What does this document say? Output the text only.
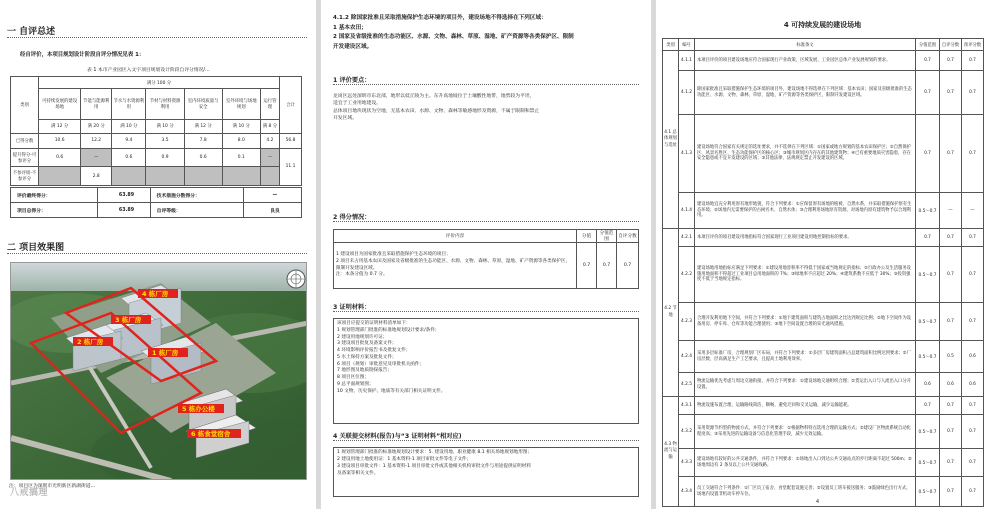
一 自评总述
经自评价，本项目规划设计阶段自评分情况见表 1：
表 1 本市产业园区入文字项目规划设计阶段自评分情况/...
类别	满分 100 分							合计
	可持续发展的建设场地	节能与能源利用	节水与水资源利用	节材与材料资源利用	室内环境质量与安全	室外环境与场地规划	运行管理	
	满 12 分	满 20 分	满 10 分	满 10 分	满 12 分	满 10 分	满 8 分	
已得分数	10.6	12.2	9.4	3.5	7.8	8.0	4.2	56.8
提升得分-可参评分	0.6	—	0.6	0.9	0.6	0.1	—	11.1
不参评项-不参评分		2.8						
评价最终得分：	63.89	技术措施分数得分：	—
项目总得分：	63.89	自评等级：	良良
二 项目效果图
4 栋厂房
3 栋厂房
2 栋厂房
1 栋厂房
5 栋办公楼
6 栋食堂宿舍
注：项目区为深圳市光明新区新湖街道...
八戒搞理
4.1.2 除国家批准且采取措施保护生态环境的项目外，建设场地不得选择在下列区域：
1 基本农田；
2 国家及省级批准的生态功能区、水源、文物、森林、草原、湿地、矿产资源等各类保护区、限制
开发建设区域。
1 评价要点：
龙岗区远处深圳市东北部，地形以低丘陵为主。东升高地坡位于土壤酸性地带，地势较为平坦，
适宜于工业用地建设。
总体项目地块现状为空地，无基本农田、水源、文物、森林等敏感地形及资源，不属于限制和禁止
开发区域。
2 得分情况：
评价内容	分值	分值范围	自评分数

1 建设项目为国家批准且采取措施保护生态环境的项目；
2 项目未占用基本农田及国家及省级批准的生态功能区、水源、文物、森林、草原、湿地、矿产资源等各类保护区，限制开发建设区域。
注：本条分值为 0.7 分。	0.7	0.7	0.7
3 证明材料：
该项目应提交的证明材料清单如下：
1 规划管理部门批准的标准地规划设计要求/条件；
2 建设用地规划许可证；
3 建设项目批复及备案文件；
4 环境影响评价报告书及批复文件；
5 水土保持方案及批复文件；
6 项目（规划）审批意见及审批机关函件；
7 地形图及地质勘探报告；
8 项目区位图；
9 总平面规划图；
10 文物、历史保护、地质等有关部门相关证明文件。
4 关联提交材料(报告)与“3 证明材料”相对应)
1 规划管理部门批准的标准地规划设计要求：5. 建设用地、职业健康 8.1 相关场地规划地形图；
2 建设用地土地使用证：1 基本资料-1 项目审批文件等电子文件；
3 建设项目审批文件：1 基本资料-1 项目审批文件或其他相关机构审批文件与用途提供证明材料
及备案等相关文件。
4 可持续发展的建设场地
类别	编号	标准条文	分值范围	自评分数	预评分数
4.1 总体规划与选址	4.1.1	本项目评价的项目建设场地应符合国家现行产业政策，区域发展、工业园区总体产业发展规划的要求。	0.7	0.7	0.7
	4.1.2	除国家批准且采取措施保护生态环境的项目外，建设场地不得选择在下列区域：基本农田；国家及省级批准的生态功能区、水源、文物、森林、草原、湿地、矿产资源等各类保护区，限制开发建设区域。	0.7	0.7	0.7
	4.1.3	建设场地符合国家有关规定的选址要求，并不选择在下列区域：①国家或地方规划的基本农田保护区；②自然保护区、风景名胜区、生态功能保护区的核心区；③城市规划区内存在的其他建筑物；④已有重要地质灾害隐患，存在安全隐患或不宜开发建设的区域；⑤其他法律、法规规定禁止开发建设的区域。	0.7	0.7	0.7
	4.1.4	建设场地宜充分利用原有地形地貌，符合下列要求：①应保留原有场地的植被、自然水系，并采取措施保护原有生态环境；②场地内无需要保护的古树名木、自然水体；③合理利用场地原有资源，对场地内原有建筑物予以合理利用。	0.5～0.7	—	—
4.2 节地	4.2.1	本项目评价的项目建设用地指标符合国家现行工业项目建设用地控制指标的要求。	0.7	0.7	0.7
	4.2.2	建设场地用地指标应满足下列要求：①建设用地容积率不得低于国家或当地规定的指标；②行政办公及生活服务设施用地面积不得超过工业项目总用地面积的 7%；③绿地率不应超过 20%；④建筑系数不应低于 30%；⑤投资强度不低于当地规定指标。	0.5～0.7	0.7	0.7
	4.2.3	合理开发利用地下空间，并符合下列要求：①地下建筑面积与建筑占地面积之比达到规定比例；②地下空间作为设备用房、停车库、仓库等功能合理使用；③地下空间设置合理的采光通风措施。	0.5～0.7	0.7	0.7
	4.2.4	采用多层标准厂房，合理规划厂区布局，并符合下列要求：①多层厂房建筑面积占总建筑面积比例达到要求；②厂房层数、层高满足生产工艺要求，且提高土地利用效率。	0.5～0.7	0.5	0.6
	4.2.5	物流运输优先考虑与周边交通衔接，并符合下列要求：①建设场地交通组织合理；②货运出入口与人流出入口分开设置。	0.6	0.6	0.6
4.3 物流与运输	4.3.1	物流设施布置合理，运输路线简洁、顺畅，避免迂回和交叉运输，减少运输能耗。	0.7	0.7	0.7
	4.3.2	采用资源节约型的物流方式，并符合下列要求：①根据物料特点选用合理的运输方式；②建设厂区物流系统自动化程度高；③采用先进的运输设备与信息化管理手段，减少无效运输。	0.5～0.7	0.7	0.7
	4.3.3	建设场地有较好的公共交通条件，并符合下列要求：①场地出入口到达公共交通站点的步行距离不超过 500m；②场地周边有 2 条及以上公共交通线路。	0.5～0.7	0.7	0.7
	4.3.4	员工交通符合下列条件：①厂区员工宿舍、食堂配套设施完善；②设置员工班车接送服务；③鼓励绿色出行方式，场地内设置非机动车停车位。	0.5～0.7	0.7	0.7
4
